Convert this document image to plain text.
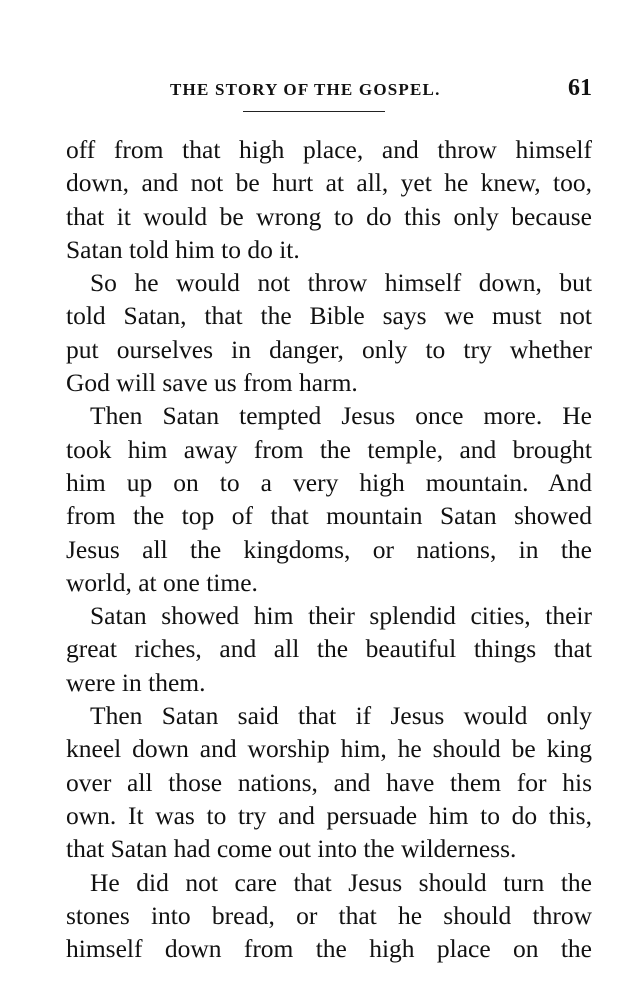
THE STORY OF THE GOSPEL.	61
off from that high place, and throw himself
down, and not be hurt at all, yet he knew, too,
that it would be wrong to do this only because
Satan told him to do it.
So he would not throw himself down, but
told Satan, that the Bible says we must not
put ourselves in danger, only to try whether
God will save us from harm.
Then Satan tempted Jesus once more. He
took him away from the temple, and brought
him up on to a very high mountain. And
from the top of that mountain Satan showed
Jesus all the kingdoms, or nations, in the
world, at one time.
Satan showed him their splendid cities, their
great riches, and all the beautiful things that
were in them.
Then Satan said that if Jesus would only
kneel down and worship him, he should be king
over all those nations, and have them for his
own. It was to try and persuade him to do this,
that Satan had come out into the wilderness.
He did not care that Jesus should turn the
stones into bread, or that he should throw
himself down from the high place on the
